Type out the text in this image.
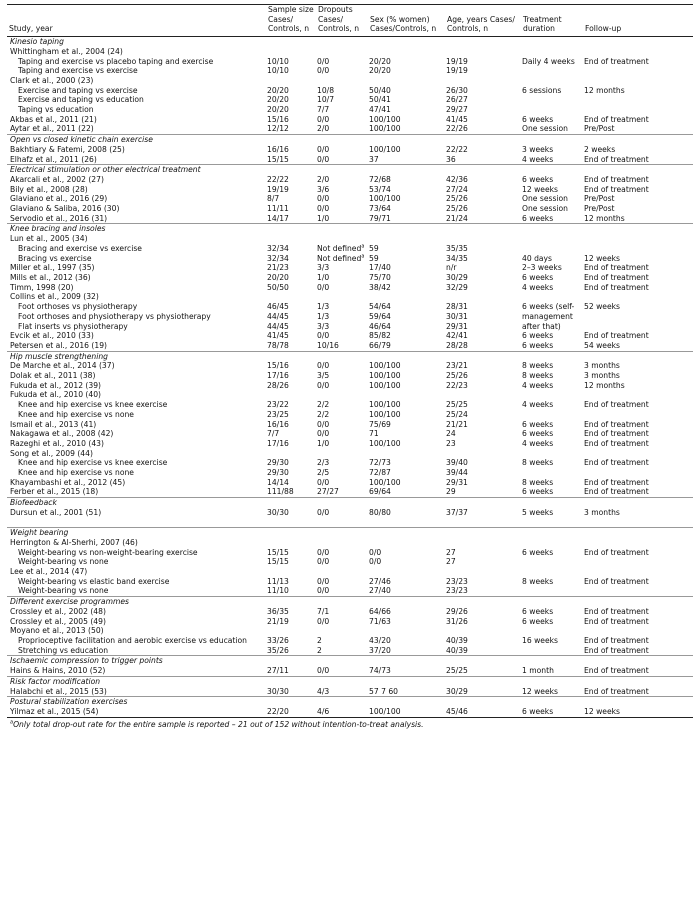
Study, year	Sample size Cases/ Controls, n	Dropouts Cases/ Controls, n	Sex (% women) Cases/Controls, n	Age, years Cases/ Controls, n	Treatment duration	Follow-up
Kinesio taping						
Whittingham et al., 2004 (24)						
Taping and exercise vs placebo taping and exercise	10/10	0/0	20/20	19/19	Daily 4 weeks	End of treatment
Taping and exercise vs exercise	10/10	0/0	20/20	19/19		
Clark et al., 2000 (23)						
Exercise and taping vs exercise	20/20	10/8	50/40	26/30	6 sessions	12 months
Exercise and taping vs education	20/20	10/7	50/41	26/27		
Taping vs education	20/20	7/7	47/41	29/27		
Akbas et al., 2011 (21)	15/16	0/0	100/100	41/45	6 weeks	End of treatment
Aytar et al., 2011 (22)	12/12	2/0	100/100	22/26	One session	Pre/Post
Open vs closed kinetic chain exercise						
Bakhtiary & Fatemi, 2008 (25)	16/16	0/0	100/100	22/22	3 weeks	2 weeks
Elhafz et al., 2011 (26)	15/15	0/0	37	36	4 weeks	End of treatment
Electrical stimulation or other electrical treatment						
Akarcali et al., 2002 (27)	22/22	2/0	72/68	42/36	6 weeks	End of treatment
Bily et al., 2008 (28)	19/19	3/6	53/74	27/24	12 weeks	End of treatment
Glaviano et al., 2016 (29)	8/7	0/0	100/100	25/26	One session	Pre/Post
Glaviano & Saliba, 2016 (30)	11/11	0/0	73/64	25/26	One session	Pre/Post
Servodio et al., 2016 (31)	14/17	1/0	79/71	21/24	6 weeks	12 months
Knee bracing and insoles						
Lun et al., 2005 (34)						
Bracing and exercise vs exercise	32/34	Not defined$^a$	59	35/35		
Bracing vs exercise	32/34	Not defined$^a$	59	34/35	40 days	12 weeks
Miller et al., 1997 (35)	21/23	3/3	17/40	n/r	2–3 weeks	End of treatment
Mills et al., 2012 (36)	20/20	1/0	75/70	30/29	6 weeks	End of treatment
Timm, 1998 (20)	50/50	0/0	38/42	32/29	4 weeks	End of treatment
Collins et al., 2009 (32)						
Foot orthoses vs physiotherapy	46/45	1/3	54/64	28/31	6 weeks (self-	52 weeks
Foot orthoses and physiotherapy vs physiotherapy	44/45	1/3	59/64	30/31	management	
Flat inserts vs physiotherapy	44/45	3/3	46/64	29/31	after that)	
Evcik et al., 2010 (33)	41/45	0/0	85/82	42/41	6 weeks	End of treatment
Petersen et al., 2016 (19)	78/78	10/16	66/79	28/28	6 weeks	54 weeks
Hip muscle strengthening						
De Marche et al., 2014 (37)	15/16	0/0	100/100	23/21	8 weeks	3 months
Dolak et al., 2011 (38)	17/16	3/5	100/100	25/26	8 weeks	3 months
Fukuda et al., 2012 (39)	28/26	0/0	100/100	22/23	4 weeks	12 months
Fukuda et al., 2010 (40)						
Knee and hip exercise vs knee exercise	23/22	2/2	100/100	25/25	4 weeks	End of treatment
Knee and hip exercise vs none	23/25	2/2	100/100	25/24		
Ismail et al., 2013 (41)	16/16	0/0	75/69	21/21	6 weeks	End of treatment
Nakagawa et al., 2008 (42)	7/7	0/0	71	24	6 weeks	End of treatment
Razeghi et al., 2010 (43)	17/16	1/0	100/100	23	4 weeks	End of treatment
Song et al., 2009 (44)						
Knee and hip exercise vs knee exercise	29/30	2/3	72/73	39/40	8 weeks	End of treatment
Knee and hip exercise vs none	29/30	2/5	72/87	39/44		
Khayambashi et al., 2012 (45)	14/14	0/0	100/100	29/31	8 weeks	End of treatment
Ferber et al., 2015 (18)	111/88	27/27	69/64	29	6 weeks	End of treatment
Biofeedback						
Dursun et al., 2001 (51)	30/30	0/0	80/80	37/37	5 weeks	3 months
Weight bearing						
Herrington & Al-Sherhi, 2007 (46)						
Weight-bearing vs non-weight-bearing exercise	15/15	0/0	0/0	27	6 weeks	End of treatment
Weight-bearing vs none	15/15	0/0	0/0	27		
Lee et al., 2014 (47)						
Weight-bearing vs elastic band exercise	11/13	0/0	27/46	23/23	8 weeks	End of treatment
Weight-bearing vs none	11/10	0/0	27/40	23/23		
Different exercise programmes						
Crossley et al., 2002 (48)	36/35	7/1	64/66	29/26	6 weeks	End of treatment
Crossley et al., 2005 (49)	21/19	0/0	71/63	31/26	6 weeks	End of treatment
Moyano et al., 2013 (50)						
Proprioceptive facilitation and aerobic exercise vs education	33/26	2	43/20	40/39	16 weeks	End of treatment
Stretching vs education	35/26	2	37/20	40/39		End of treatment
Ischaemic compression to trigger points						
Hains & Hains, 2010 (52)	27/11	0/0	74/73	25/25	1 month	End of treatment
Risk factor modification						
Halabchi et al., 2015 (53)	30/30	4/3	57 7 60	30/29	12 weeks	End of treatment
Postural stabilization exercises						
Yilmaz et al., 2015 (54)	22/20	4/6	100/100	45/46	6 weeks	12 weeks
$^a$Only total drop-out rate for the entire sample is reported – 21 out of 152 without intention-to-treat analysis.						
